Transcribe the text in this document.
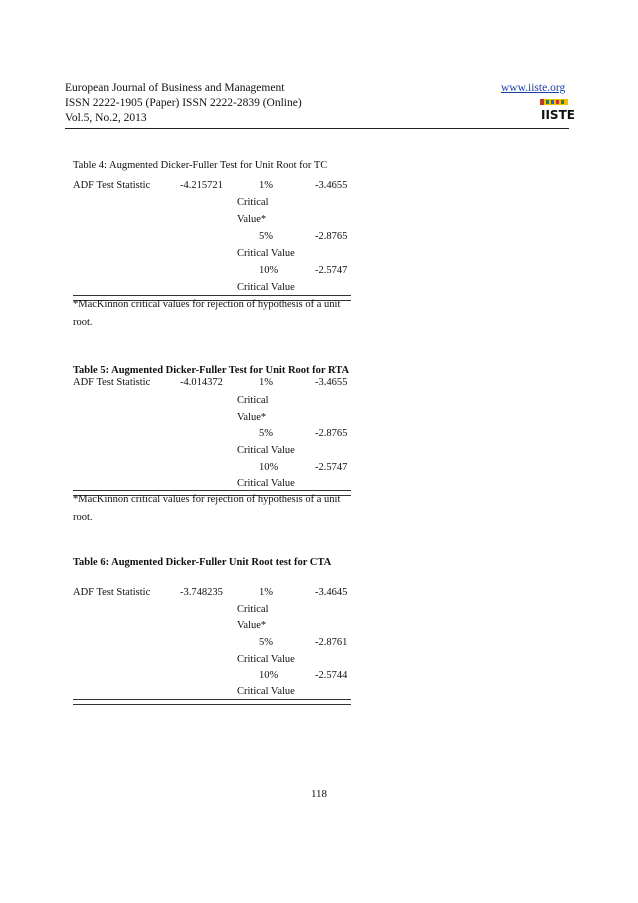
European Journal of Business and Management
ISSN 2222-1905 (Paper) ISSN 2222-2839 (Online)
Vol.5, No.2, 2013
www.iiste.org
IISTE
Table 4: Augmented Dicker-Fuller Test for Unit Root for TC
ADF Test Statistic	-4.215721	1%	-3.4655
Critical
Value*
5%	-2.8765
Critical Value
10%	-2.5747
Critical Value
*MacKinnon critical values for rejection of hypothesis of a unit
root.
Table 5: Augmented Dicker-Fuller Test for Unit Root for RTA
ADF Test Statistic	-4.014372	1%	-3.4655
Critical
Value*
5%	-2.8765
Critical Value
10%	-2.5747
Critical Value
*MacKinnon critical values for rejection of hypothesis of a unit
root.
Table 6: Augmented Dicker-Fuller Unit Root test for CTA
ADF Test Statistic	-3.748235	1%	-3.4645
Critical
Value*
5%	-2.8761
Critical Value
10%	-2.5744
Critical Value
118
